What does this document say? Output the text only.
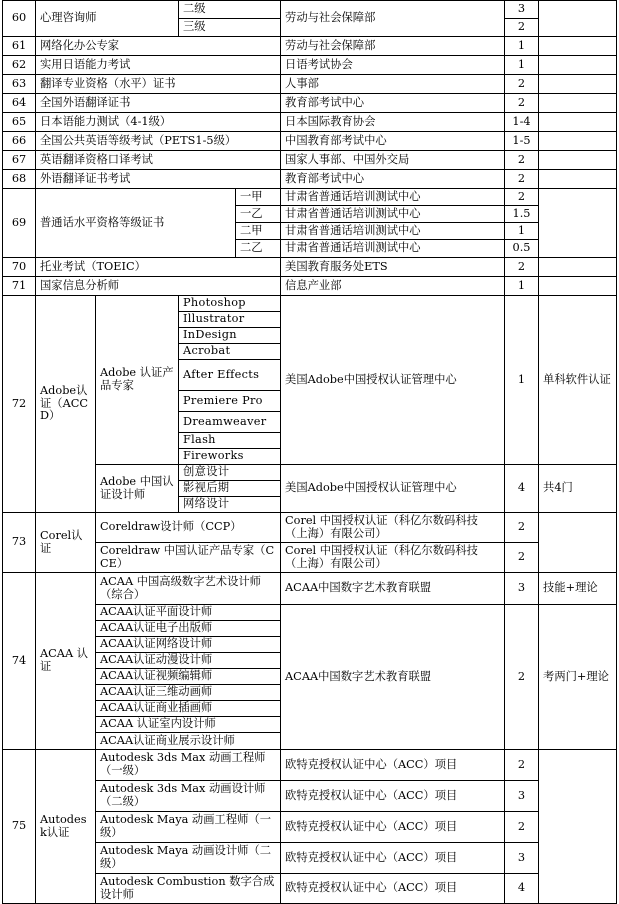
60	心理咨询师		二级		劳动与社会保障部	3	
			三级			2	
61	网络化办公专家				劳动与社会保障部	1	
62	实用日语能力考试				日语考试协会	1	
63	翻译专业资格（水平）证书				人事部	2	
64	全国外语翻译证书				教育部考试中心	2	
65	日本语能力测试（4-1级）				日本国际教育协会	1-4	
66	全国公共英语等级考试（PETS1-5级）				中国教育部考试中心	1-5	
67	英语翻译资格口译考试				国家人事部、中国外交局	2	
68	外语翻译证书考试				教育部考试中心	2	
69	普通话水平资格等级证书			一甲	甘肃省普通话培训测试中心	2	
				一乙	甘肃省普通话培训测试中心	1.5	
				二甲	甘肃省普通话培训测试中心	1	
				二乙	甘肃省普通话培训测试中心	0.5	
70	托业考试（TOEIC）				美国教育服务处ETS	2	
71	国家信息分析师				信息产业部	1	
72	Adobe认证（ACCD）	Adobe 认证产品专家	Photoshop		美国Adobe中国授权认证管理中心	1	单科软件认证
			Illustrator				
			InDesign				
			Acrobat				
			After Effects				
			Premiere Pro				
			Dreamweaver				
			Flash				
			Fireworks				
		Adobe 中国认证设计师	创意设计		美国Adobe中国授权认证管理中心	4	共4门
			影视后期				
			网络设计				
73	Corel认证	Coreldraw设计师（CCP）			Corel 中国授权认证（科亿尔数码科技（上海）有限公司）	2	
		Coreldraw 中国认证产品专家（CCE）			Corel 中国授权认证（科亿尔数码科技（上海）有限公司）	2	
74	ACAA 认证	ACAA 中国高级数字艺术设计师（综合）			ACAA中国数字艺术教育联盟	3	技能+理论
		ACAA认证平面设计师			ACAA中国数字艺术教育联盟	2	考两门+理论
		ACAA认证电子出版师					
		ACAA认证网络设计师					
		ACAA认证动漫设计师					
		ACAA认证视频编辑师					
		ACAA认证三维动画师					
		ACAA认证商业插画师					
		ACAA 认证室内设计师					
		ACAA认证商业展示设计师					
75	Autodesk认证	Autodesk 3ds Max 动画工程师（一级）			欧特克授权认证中心（ACC）项目	2	
		Autodesk 3ds Max 动画设计师（二级）			欧特克授权认证中心（ACC）项目	3	
		Autodesk Maya 动画工程师（一级）			欧特克授权认证中心（ACC）项目	2	
		Autodesk Maya 动画设计师（二级）			欧特克授权认证中心（ACC）项目	3	
		Autodesk Combustion 数字合成设计师			欧特克授权认证中心（ACC）项目	4	
